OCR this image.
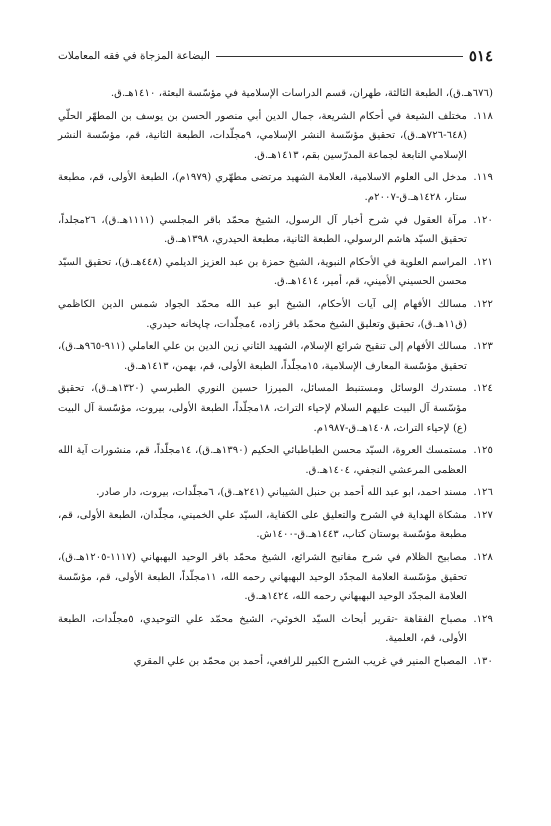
البضاعة المزجاة في فقه المعاملات	٥١٤
(٦٧٦هـ.ق)، الطبعة الثالثة، طهران، قسم الدراسات الإسلامية في مؤسّسة البعثة، ١٤١٠هـ.ق.
١١٨.
مختلف الشيعة في أحكام الشريعة، جمال الدين أبي منصور الحسن بن يوسف بن المطهّر الحلّي (٦٤٨-٧٢٦هـ.ق)، تحقيق مؤسّسة النشر الإسلامي، ٩مجلّدات، الطبعة الثانية، قم، مؤسّسة النشر الإسلامي التابعة لجماعة المدرّسين بقم، ١٤١٣هـ.ق.
١١٩.
مدخل الى العلوم الاسلامية، العلامة الشهيد مرتضى مطهّري (١٩٧٩م)، الطبعة الأولى، قم، مطبعة ستار، ١٤٢٨هـ.ق-٢٠٠٧م.
١٢٠.
مرآة العقول في شرح أخبار آل الرسول، الشيخ محمّد باقر المجلسي (١١١١هـ.ق)، ٢٦مجلداً، تحقيق السيّد هاشم الرسولي، الطبعة الثانية، مطبعة الحيدري، ١٣٩٨هـ.ق.
١٢١.
المراسم العلوية في الأحكام النبوية، الشيخ حمزة بن عبد العزيز الديلمي (٤٤٨هـ.ق)، تحقيق السيّد محسن الحسيني الأميني، قم، أمير، ١٤١٤هـ.ق.
١٢٢.
مسالك الأفهام إلى آيات الأحكام، الشيخ ابو عبد الله محمّد الجواد شمس الدين الكاظمي (ق١١هـ.ق)، تحقيق وتعليق الشيخ محمّد باقر زاده، ٤مجلّدات، چاپخانه حيدري.
١٢٣.
مسالك الأفهام إلى تنقيح شرائع الإسلام، الشهيد الثاني زين الدين بن علي العاملي (٩١١-٩٦٥هـ.ق)، تحقيق مؤسّسة المعارف الإسلامية، ١٥مجلّداً، الطبعة الأولى، قم، بهمن، ١٤١٣هـ.ق.
١٢٤.
مستدرك الوسائل ومستنبط المسائل، الميرزا حسين النوري الطبرسي (١٣٢٠هـ.ق)، تحقيق مؤسّسة آل البيت عليهم السلام لإحياء التراث، ١٨مجلّداً، الطبعة الأولى، بيروت، مؤسّسة آل البيت (ع) لإحياء التراث، ١٤٠٨هـ.ق-١٩٨٧م.
١٢٥.
مستمسك العروة، السيّد محسن الطباطبائي الحكيم (١٣٩٠هـ.ق)، ١٤مجلّداً، قم، منشورات آية الله العظمى المرعشي النجفي، ١٤٠٤هـ.ق.
١٢٦.
مسند احمد، ابو عبد الله أحمد بن حنبل الشيباني (٢٤١هـ.ق)، ٦مجلّدات، بيروت، دار صادر.
١٢٧.
مشكاة الهداية في الشرح والتعليق على الكفاية، السيّد علي الخميني، مجلّدان، الطبعة الأولى، قم، مطبعة مؤسّسة بوستان كتاب، ١٤٤٣هـ.ق-١٤٠٠ش.
١٢٨.
مصابيح الظلام في شرح مفاتيح الشرائع، الشيخ محمّد باقر الوحيد البهبهاني (١١١٧-١٢٠٥هـ.ق)، تحقيق مؤسّسة العلامة المجدّد الوحيد البهبهاني رحمه الله، ١١مجلّداً، الطبعة الأولى، قم، مؤسّسة العلامة المجدّد الوحيد البهبهاني رحمه الله، ١٤٢٤هـ.ق.
١٢٩.
مصباح الفقاهة -تقرير أبحاث السيّد الخوئي-، الشيخ محمّد علي التوحيدي، ٥مجلّدات، الطبعة الأولى، قم، العلمية.
١٣٠.
المصباح المنير في غريب الشرح الكبير للرافعي، أحمد بن محمّد بن علي المقري
